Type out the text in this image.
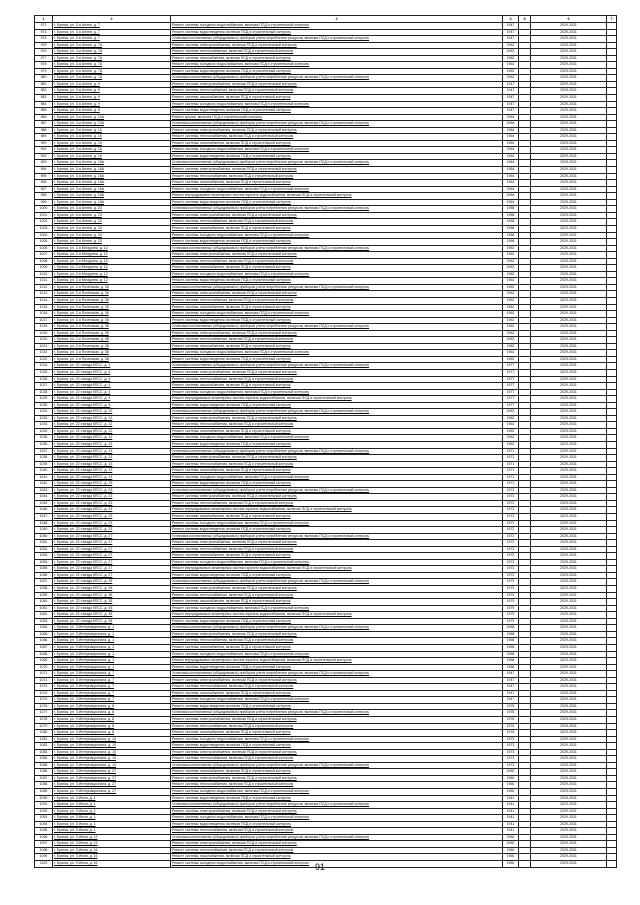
1	2	3	4	5	6	7
972	г. Брянск, ул. 3-я Аллея, д. 7	Ремонт системы холодного водоснабжения, включая ПСД и строительный контроль	1947		2029-2031	
973	г. Брянск, ул. 3-я Аллея, д. 7	Ремонт системы водоотведения, включая ПСД и строительный контроль	1947		2029-2031	
974	г. Брянск, ул. 3-я Аллея, д. 7	Установка коллективных (общедомовых) приборов учета потребления ресурсов, включая ПСД и строительный контроль	1947		2029-2031	
975	г. Брянск, ул. 3-я Аллея, д. 7А	Ремонт системы электроснабжения, включая ПСД и строительный контроль	1962		2029-2031	
976	г. Брянск, ул. 3-я Аллея, д. 7А	Ремонт системы теплоснабжения, включая ПСД и строительный контроль	1962		2029-2031	
977	г. Брянск, ул. 3-я Аллея, д. 7А	Ремонт системы газоснабжения, включая ПСД и строительный контроль	1962		2029-2031	
978	г. Брянск, ул. 3-я Аллея, д. 7А	Ремонт системы холодного водоснабжения, включая ПСД и строительный контроль	1962		2029-2031	
979	г. Брянск, ул. 3-я Аллея, д. 7А	Ремонт системы водоотведения, включая ПСД и строительный контроль	1962		2029-2031	
980	г. Брянск, ул. 3-я Аллея, д. 7А	Установка коллективных (общедомовых) приборов учета потребления ресурсов, включая ПСД и строительный контроль	1962		2029-2031	
981	г. Брянск, ул. 3-я Аллея, д. 9	Ремонт системы электроснабжения, включая ПСД и строительный контроль	1947		2029-2031	
982	г. Брянск, ул. 3-я Аллея, д. 9	Ремонт системы теплоснабжения, включая ПСД и строительный контроль	1947		2029-2031	
983	г. Брянск, ул. 3-я Аллея, д. 9	Ремонт системы газоснабжения, включая ПСД и строительный контроль	1947		2029-2031	
984	г. Брянск, ул. 3-я Аллея, д. 9	Ремонт системы холодного водоснабжения, включая ПСД и строительный контроль	1947		2029-2031	
985	г. Брянск, ул. 3-я Аллея, д. 9	Ремонт системы водоотведения, включая ПСД и строительный контроль	1947		2029-2031	
986	г. Брянск, ул. 3-я Аллея, д. 10А	Ремонт крыши, включая ПСД и строительный контроль	1964		2029-2031	
987	г. Брянск, ул. 3-я Аллея, д. 10А	Установка коллективных (общедомовых) приборов учета потребления ресурсов, включая ПСД и строительный контроль	1964		2029-2031	
988	г. Брянск, ул. 3-я Аллея, д. 16	Ремонт системы электроснабжения, включая ПСД и строительный контроль	1964		2029-2031	
989	г. Брянск, ул. 3-я Аллея, д. 16	Ремонт системы теплоснабжения, включая ПСД и строительный контроль	1964		2029-2031	
990	г. Брянск, ул. 3-я Аллея, д. 16	Ремонт системы газоснабжения, включая ПСД и строительный контроль	1964		2029-2031	
991	г. Брянск, ул. 3-я Аллея, д. 16	Ремонт системы холодного водоснабжения, включая ПСД и строительный контроль	1964		2029-2031	
992	г. Брянск, ул. 3-я Аллея, д. 16	Ремонт системы водоотведения, включая ПСД и строительный контроль	1964		2029-2031	
993	г. Брянск, ул. 3-я Аллея, д. 16А	Установка коллективных (общедомовых) приборов учета потребления ресурсов, включая ПСД и строительный контроль	1964		2029-2031	
994	г. Брянск, ул. 3-я Аллея, д. 16А	Ремонт системы электроснабжения, включая ПСД и строительный контроль	1964		2029-2031	
995	г. Брянск, ул. 3-я Аллея, д. 16А	Ремонт системы теплоснабжения, включая ПСД и строительный контроль	1964		2029-2031	
996	г. Брянск, ул. 3-я Аллея, д. 16А	Ремонт системы газоснабжения, включая ПСД и строительный контроль	1964		2029-2031	
997	г. Брянск, ул. 3-я Аллея, д. 16А	Ремонт системы холодного водоснабжения, включая ПСД и строительный контроль	1964		2029-2031	
998	г. Брянск, ул. 3-я Аллея, д. 16А	Ремонт внутридомовых инженерных систем горячего водоснабжения, включая ПСД и строительный контроль	1964		2029-2031	
999	г. Брянск, ул. 3-я Аллея, д. 16А	Ремонт системы водоотведения, включая ПСД и строительный контроль	1964		2029-2031	
1000	г. Брянск, ул. 3-я Аллея, д. 23	Установка коллективных (общедомовых) приборов учета потребления ресурсов, включая ПСД и строительный контроль	1958		2029-2031	
1001	г. Брянск, ул. 3-я Аллея, д. 23	Ремонт системы электроснабжения, включая ПСД и строительный контроль	1958		2029-2031	
1002	г. Брянск, ул. 3-я Аллея, д. 23	Ремонт системы теплоснабжения, включая ПСД и строительный контроль	1958		2029-2031	
1003	г. Брянск, ул. 3-я Аллея, д. 23	Ремонт системы газоснабжения, включая ПСД и строительный контроль	1958		2029-2031	
1004	г. Брянск, ул. 3-я Аллея, д. 23	Ремонт системы холодного водоснабжения, включая ПСД и строительный контроль	1958		2029-2031	
1005	г. Брянск, ул. 3-я Аллея, д. 23	Ремонт системы водоотведения, включая ПСД и строительный контроль	1958		2029-2031	
1006	г. Брянск, ул. 2-я Мичурина, д. 12	Установка коллективных (общедомовых) приборов учета потребления ресурсов, включая ПСД и строительный контроль	1962		2029-2031	
1007	г. Брянск, ул. 2-я Мичурина, д. 12	Ремонт системы электроснабжения, включая ПСД и строительный контроль	1962		2029-2031	
1008	г. Брянск, ул. 2-я Мичурина, д. 12	Ремонт системы теплоснабжения, включая ПСД и строительный контроль	1962		2029-2031	
1009	г. Брянск, ул. 2-я Мичурина, д. 12	Ремонт системы газоснабжения, включая ПСД и строительный контроль	1962		2029-2031	
1010	г. Брянск, ул. 2-я Мичурина, д. 12	Ремонт системы холодного водоснабжения, включая ПСД и строительный контроль	1962		2029-2031	
1011	г. Брянск, ул. 2-я Мичурина, д. 12	Ремонт системы водоотведения, включая ПСД и строительный контроль	1962		2029-2031	
1012	г. Брянск, ул. 2-я Почепская, д. 36	Установка коллективных (общедомовых) приборов учета потребления ресурсов, включая ПСД и строительный контроль	1962		2029-2031	
1013	г. Брянск, ул. 2-я Почепская, д. 36	Ремонт системы электроснабжения, включая ПСД и строительный контроль	1962		2029-2031	
1014	г. Брянск, ул. 2-я Почепская, д. 36	Ремонт системы теплоснабжения, включая ПСД и строительный контроль	1962		2029-2031	
1015	г. Брянск, ул. 2-я Почепская, д. 36	Ремонт системы газоснабжения, включая ПСД и строительный контроль	1962		2029-2031	
1016	г. Брянск, ул. 2-я Почепская, д. 36	Ремонт системы холодного водоснабжения, включая ПСД и строительный контроль	1962		2029-2031	
1017	г. Брянск, ул. 2-я Почепская, д. 36	Ремонт системы водоотведения, включая ПСД и строительный контроль	1962		2029-2031	
1018	г. Брянск, ул. 2-я Почепская, д. 38	Установка коллективных (общедомовых) приборов учета потребления ресурсов, включая ПСД и строительный контроль	1962		2029-2031	
1019	г. Брянск, ул. 2-я Почепская, д. 38	Ремонт системы электроснабжения, включая ПСД и строительный контроль	1962		2029-2031	
1020	г. Брянск, ул. 2-я Почепская, д. 38	Ремонт системы теплоснабжения, включая ПСД и строительный контроль	1962		2029-2031	
1021	г. Брянск, ул. 2-я Почепская, д. 38	Ремонт системы газоснабжения, включая ПСД и строительный контроль	1962		2029-2031	
1022	г. Брянск, ул. 2-я Почепская, д. 38	Ремонт системы холодного водоснабжения, включая ПСД и строительный контроль	1962		2029-2031	
1023	г. Брянск, ул. 2-я Почепская, д. 38	Ремонт системы водоотведения, включая ПСД и строительный контроль	1962		2029-2031	
1024	г. Брянск, ул. 22 съезда КПСС, д. 4	Установка коллективных (общедомовых) приборов учета потребления ресурсов, включая ПСД и строительный контроль	1977		2029-2031	
1025	г. Брянск, ул. 22 съезда КПСС, д. 4	Ремонт системы электроснабжения, включая ПСД и строительный контроль	1977		2029-2031	
1026	г. Брянск, ул. 22 съезда КПСС, д. 4	Ремонт системы теплоснабжения, включая ПСД и строительный контроль	1977		2029-2031	
1027	г. Брянск, ул. 22 съезда КПСС, д. 4	Ремонт системы газоснабжения, включая ПСД и строительный контроль	1977		2029-2031	
1028	г. Брянск, ул. 22 съезда КПСС, д. 4	Ремонт системы холодного водоснабжения, включая ПСД и строительный контроль	1977		2029-2031	
1029	г. Брянск, ул. 22 съезда КПСС, д. 4	Ремонт внутридомовых инженерных систем горячего водоснабжения, включая ПСД и строительный контроль	1977		2029-2031	
1030	г. Брянск, ул. 22 съезда КПСС, д. 4	Ремонт системы водоотведения, включая ПСД и строительный контроль	1977		2029-2031	
1031	г. Брянск, ул. 22 съезда КПСС, д. 12	Установка коллективных (общедомовых) приборов учета потребления ресурсов, включая ПСД и строительный контроль	1962		2029-2031	
1032	г. Брянск, ул. 22 съезда КПСС, д. 12	Ремонт системы электроснабжения, включая ПСД и строительный контроль	1962		2029-2031	
1033	г. Брянск, ул. 22 съезда КПСС, д. 12	Ремонт системы теплоснабжения, включая ПСД и строительный контроль	1962		2029-2031	
1034	г. Брянск, ул. 22 съезда КПСС, д. 12	Ремонт системы газоснабжения, включая ПСД и строительный контроль	1962		2029-2031	
1035	г. Брянск, ул. 22 съезда КПСС, д. 12	Ремонт системы холодного водоснабжения, включая ПСД и строительный контроль	1962		2029-2031	
1036	г. Брянск, ул. 22 съезда КПСС, д. 12	Ремонт системы водоотведения, включая ПСД и строительный контроль	1962		2029-2031	
1037	г. Брянск, ул. 22 съезда КПСС, д. 13	Установка коллективных (общедомовых) приборов учета потребления ресурсов, включая ПСД и строительный контроль	1971		2029-2031	
1038	г. Брянск, ул. 22 съезда КПСС, д. 13	Ремонт системы электроснабжения, включая ПСД и строительный контроль	1971		2029-2031	
1039	г. Брянск, ул. 22 съезда КПСС, д. 13	Ремонт системы теплоснабжения, включая ПСД и строительный контроль	1971		2029-2031	
1040	г. Брянск, ул. 22 съезда КПСС, д. 13	Ремонт системы газоснабжения, включая ПСД и строительный контроль	1971		2029-2031	
1041	г. Брянск, ул. 22 съезда КПСС, д. 13	Ремонт системы холодного водоснабжения, включая ПСД и строительный контроль	1971		2029-2031	
1042	г. Брянск, ул. 22 съезда КПСС, д. 13	Ремонт системы водоотведения, включая ПСД и строительный контроль	1971		2029-2031	
1043	г. Брянск, ул. 22 съезда КПСС, д. 23	Установка коллективных (общедомовых) приборов учета потребления ресурсов, включая ПСД и строительный контроль	1972		2029-2031	
1044	г. Брянск, ул. 22 съезда КПСС, д. 23	Ремонт системы электроснабжения, включая ПСД и строительный контроль	1972		2029-2031	
1045	г. Брянск, ул. 22 съезда КПСС, д. 23	Ремонт системы теплоснабжения, включая ПСД и строительный контроль	1972		2029-2031	
1046	г. Брянск, ул. 22 съезда КПСС, д. 23	Ремонт внутридомовых инженерных систем горячего водоснабжения, включая ПСД и строительный контроль	1972		2029-2031	
1047	г. Брянск, ул. 22 съезда КПСС, д. 23	Ремонт системы газоснабжения, включая ПСД и строительный контроль	1972		2029-2031	
1048	г. Брянск, ул. 22 съезда КПСС, д. 23	Ремонт системы холодного водоснабжения, включая ПСД и строительный контроль	1972		2029-2031	
1049	г. Брянск, ул. 22 съезда КПСС, д. 23	Ремонт системы водоотведения, включая ПСД и строительный контроль	1972		2029-2031	
1050	г. Брянск, ул. 22 съезда КПСС, д. 27	Установка коллективных (общедомовых) приборов учета потребления ресурсов, включая ПСД и строительный контроль	1972		2029-2031	
1051	г. Брянск, ул. 22 съезда КПСС, д. 27	Ремонт системы электроснабжения, включая ПСД и строительный контроль	1972		2029-2031	
1052	г. Брянск, ул. 22 съезда КПСС, д. 27	Ремонт системы теплоснабжения, включая ПСД и строительный контроль	1972		2029-2031	
1053	г. Брянск, ул. 22 съезда КПСС, д. 27	Ремонт системы газоснабжения, включая ПСД и строительный контроль	1972		2029-2031	
1054	г. Брянск, ул. 22 съезда КПСС, д. 27	Ремонт системы холодного водоснабжения, включая ПСД и строительный контроль	1972		2029-2031	
1055	г. Брянск, ул. 22 съезда КПСС, д. 27	Ремонт внутридомовых инженерных систем горячего водоснабжения, включая ПСД и строительный контроль	1972		2029-2031	
1056	г. Брянск, ул. 22 съезда КПСС, д. 27	Ремонт системы водоотведения, включая ПСД и строительный контроль	1972		2029-2031	
1057	г. Брянск, ул. 22 съезда КПСС, д. 35	Установка коллективных (общедомовых) приборов учета потребления ресурсов, включая ПСД и строительный контроль	1979		2029-2031	
1058	г. Брянск, ул. 22 съезда КПСС, д. 35	Ремонт системы электроснабжения, включая ПСД и строительный контроль	1979		2029-2031	
1059	г. Брянск, ул. 22 съезда КПСС, д. 35	Ремонт системы теплоснабжения, включая ПСД и строительный контроль	1979		2029-2031	
1060	г. Брянск, ул. 22 съезда КПСС, д. 35	Ремонт системы газоснабжения, включая ПСД и строительный контроль	1979		2029-2031	
1061	г. Брянск, ул. 22 съезда КПСС, д. 35	Ремонт системы холодного водоснабжения, включая ПСД и строительный контроль	1979		2029-2031	
1062	г. Брянск, ул. 22 съезда КПСС, д. 35	Ремонт внутридомовых инженерных систем горячего водоснабжения, включая ПСД и строительный контроль	1979		2029-2031	
1063	г. Брянск, ул. 22 съезда КПСС, д. 35	Ремонт системы водоотведения, включая ПСД и строительный контроль	1979		2029-2031	
1064	г. Брянск, ул. 3 Интернационала, д. 1	Установка коллективных (общедомовых) приборов учета потребления ресурсов, включая ПСД и строительный контроль	1968		2029-2031	
1065	г. Брянск, ул. 3 Интернационала, д. 1	Ремонт системы электроснабжения, включая ПСД и строительный контроль	1968		2029-2031	
1066	г. Брянск, ул. 3 Интернационала, д. 1	Ремонт системы теплоснабжения, включая ПСД и строительный контроль	1968		2029-2031	
1067	г. Брянск, ул. 3 Интернационала, д. 1	Ремонт системы газоснабжения, включая ПСД и строительный контроль	1968		2029-2031	
1068	г. Брянск, ул. 3 Интернационала, д. 1	Ремонт системы холодного водоснабжения, включая ПСД и строительный контроль	1968		2029-2031	
1069	г. Брянск, ул. 3 Интернационала, д. 1	Ремонт внутридомовых инженерных систем горячего водоснабжения, включая ПСД и строительный контроль	1968		2029-2031	
1070	г. Брянск, ул. 3 Интернационала, д. 1	Ремонт системы водоотведения, включая ПСД и строительный контроль	1968		2029-2031	
1071	г. Брянск, ул. 3 Интернационала, д. 7	Установка коллективных (общедомовых) приборов учета потребления ресурсов, включая ПСД и строительный контроль	1947		2029-2031	
1072	г. Брянск, ул. 3 Интернационала, д. 7	Ремонт системы электроснабжения, включая ПСД и строительный контроль	1947		2029-2031	
1073	г. Брянск, ул. 3 Интернационала, д. 7	Ремонт системы теплоснабжения, включая ПСД и строительный контроль	1947		2029-2031	
1074	г. Брянск, ул. 3 Интернационала, д. 7	Ремонт системы газоснабжения, включая ПСД и строительный контроль	1947		2029-2031	
1075	г. Брянск, ул. 3 Интернационала, д. 7	Ремонт системы холодного водоснабжения, включая ПСД и строительный контроль	1947		2029-2031	
1076	г. Брянск, ул. 3 Интернационала, д. 8	Ремонт системы водоотведения, включая ПСД и строительный контроль	1976		2029-2031	
1077	г. Брянск, ул. 3 Интернационала, д. 8	Установка коллективных (общедомовых) приборов учета потребления ресурсов, включая ПСД и строительный контроль	1976		2029-2031	
1078	г. Брянск, ул. 3 Интернационала, д. 8	Ремонт системы электроснабжения, включая ПСД и строительный контроль	1976		2029-2031	
1079	г. Брянск, ул. 3 Интернационала, д. 8	Ремонт системы теплоснабжения, включая ПСД и строительный контроль	1976		2029-2031	
1080	г. Брянск, ул. 3 Интернационала, д. 8	Ремонт системы газоснабжения, включая ПСД и строительный контроль	1976		2029-2031	
1081	г. Брянск, ул. 3 Интернационала, д. 10	Ремонт системы холодного водоснабжения, включая ПСД и строительный контроль	1973		2029-2031	
1082	г. Брянск, ул. 3 Интернационала, д. 10	Ремонт системы водоотведения, включая ПСД и строительный контроль	1973		2029-2031	
1083	г. Брянск, ул. 3 Интернационала, д. 10	Ремонт системы электроснабжения, включая ПСД и строительный контроль	1973		2029-2031	
1084	г. Брянск, ул. 3 Интернационала, д. 10	Ремонт системы теплоснабжения, включая ПСД и строительный контроль	1973		2029-2031	
1085	г. Брянск, ул. 3 Интернационала, д. 10	Установка коллективных (общедомовых) приборов учета потребления ресурсов, включая ПСД и строительный контроль	1973		2029-2031	
1086	г. Брянск, ул. 3 Интернационала, д. 27	Ремонт системы газоснабжения, включая ПСД и строительный контроль	1960		2029-2031	
1087	г. Брянск, ул. 3 Интернационала, д. 27	Ремонт системы электроснабжения, включая ПСД и строительный контроль	1960		2029-2031	
1088	г. Брянск, ул. 3 Интернационала, д. 27	Ремонт системы теплоснабжения, включая ПСД и строительный контроль	1960		2029-2031	
1089	г. Брянск, ул. 3 Интернационала, д. 27	Ремонт системы холодного водоснабжения, включая ПСД и строительный контроль	1960		2029-2031	
1090	г. Брянск, ул. 3 Июля, д. 1	Ремонт системы водоотведения, включая ПСД и строительный контроль	1941		2029-2031	
1091	г. Брянск, ул. 3 Июля, д. 1	Установка коллективных (общедомовых) приборов учета потребления ресурсов, включая ПСД и строительный контроль	1941		2029-2031	
1092	г. Брянск, ул. 3 Июля, д. 1	Ремонт системы электроснабжения, включая ПСД и строительный контроль	1941		2029-2031	
1093	г. Брянск, ул. 3 Июля, д. 1	Ремонт системы холодного водоснабжения, включая ПСД и строительный контроль	1941		2029-2031	
1094	г. Брянск, ул. 3 Июля, д. 1	Ремонт системы водоотведения, включая ПСД и строительный контроль	1941		2029-2031	
1095	г. Брянск, ул. 3 Июля, д. 1	Ремонт системы теплоснабжения, включая ПСД и строительный контроль	1941		2029-2031	
1096	г. Брянск, ул. 3 Июля, д. 13	Установка коллективных (общедомовых) приборов учета потребления ресурсов, включая ПСД и строительный контроль	1960		2029-2031	
1097	г. Брянск, ул. 3 Июля, д. 13	Ремонт системы электроснабжения, включая ПСД и строительный контроль	1960		2029-2031	
1098	г. Брянск, ул. 3 Июля, д. 16	Ремонт системы теплоснабжения, включая ПСД и строительный контроль	1960		2029-2031	
1099	г. Брянск, ул. 3 Июля, д. 16	Ремонт системы газоснабжения, включая ПСД и строительный контроль	1960		2029-2031	
1100	г. Брянск, ул. 3 Июля, д. 16	Ремонт системы холодного водоснабжения, включая ПСД и строительный контроль	1960		2029-2031	
91
